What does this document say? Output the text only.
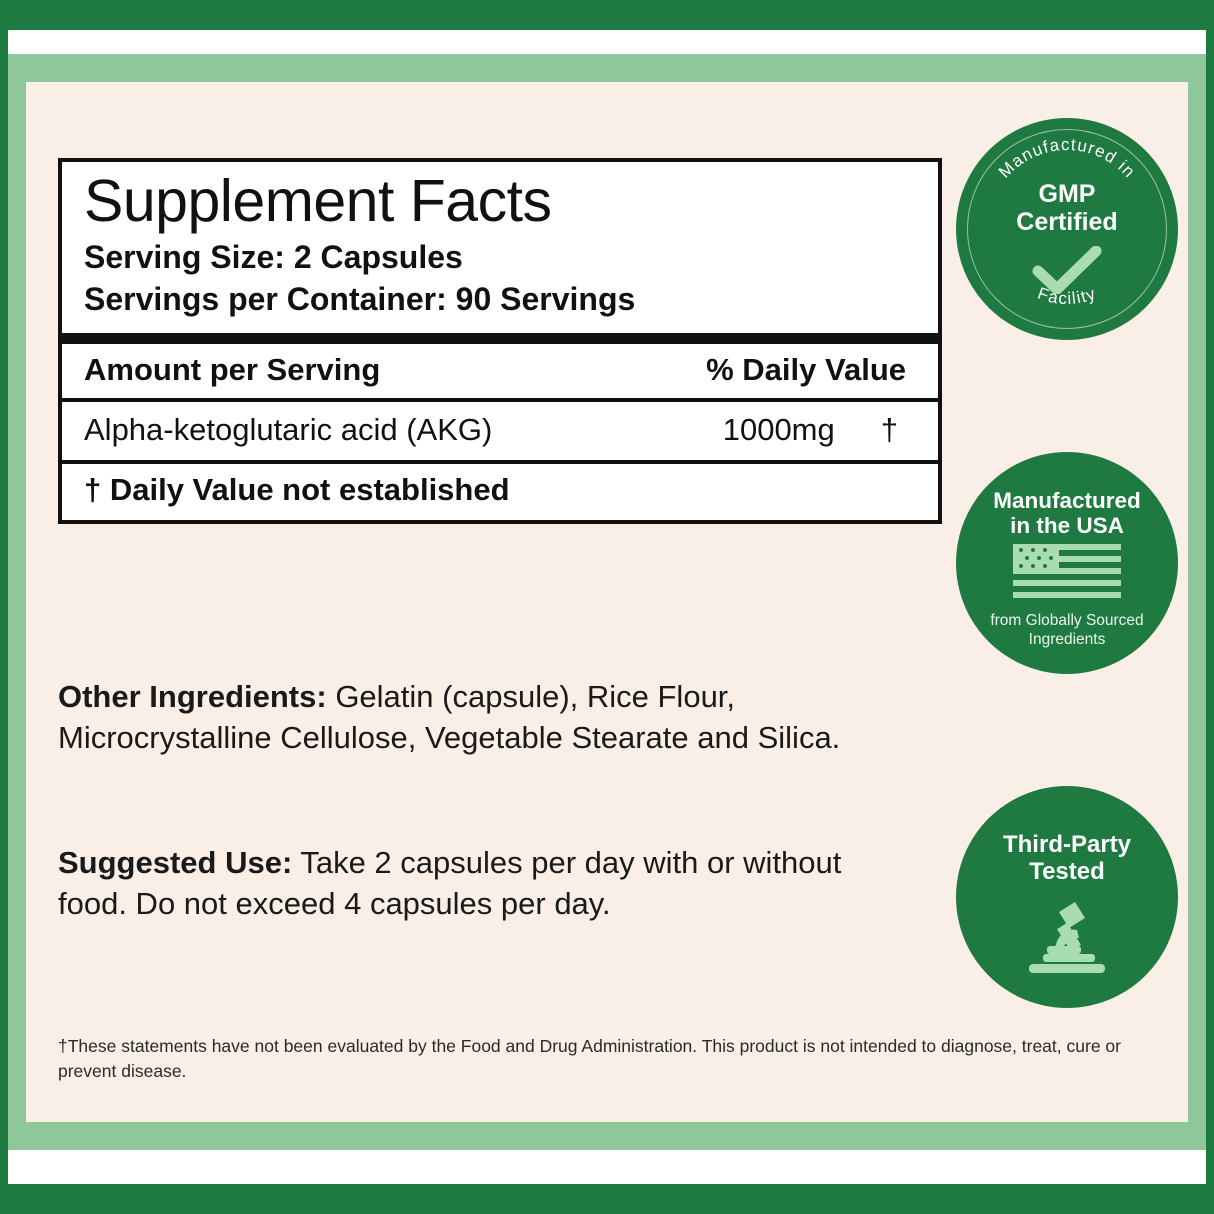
Supplement Facts
Serving Size: 2 Capsules
Servings per Container: 90 Servings
Amount per Serving	% Daily Value
Alpha-ketoglutaric acid (AKG)	1000mg	†
† Daily Value not established
Other Ingredients: Gelatin (capsule), Rice Flour, Microcrystalline Cellulose, Vegetable Stearate and Silica.
Suggested Use: Take 2 capsules per day with or without food. Do not exceed 4 capsules per day.
†These statements have not been evaluated by the Food and Drug Administration. This product is not intended to diagnose, treat, cure or prevent disease.
Manufactured in
Facility
GMP
Certified
Manufactured
in the USA
from Globally Sourced
Ingredients
Third-Party
Tested
